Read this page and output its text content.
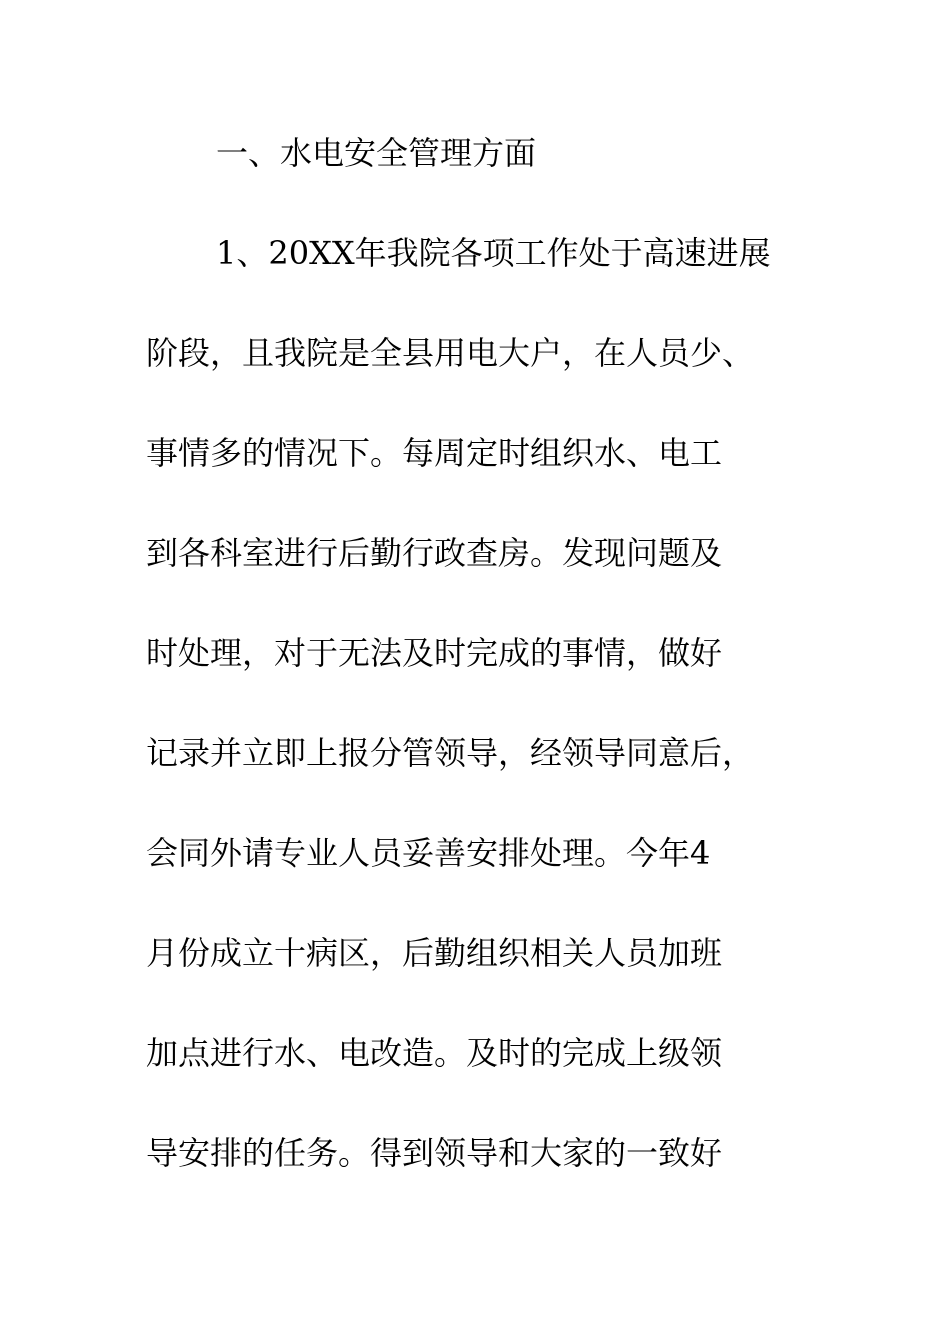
一、水电安全管理方面
1、20XX年我院各项工作处于高速进展
阶段，且我院是全县用电大户，在人员少、
事情多的情况下。每周定时组织水、电工
到各科室进行后勤行政查房。发现问题及
时处理，对于无法及时完成的事情，做好
记录并立即上报分管领导，经领导同意后，
会同外请专业人员妥善安排处理。今年4
月份成立十病区，后勤组织相关人员加班
加点进行水、电改造。及时的完成上级领
导安排的任务。得到领导和大家的一致好
